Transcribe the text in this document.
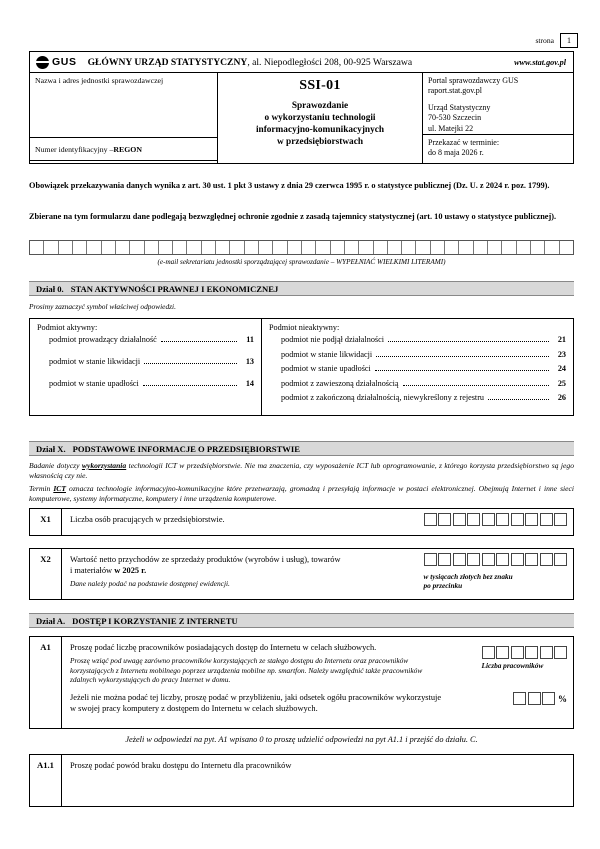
strona	1
GUS GŁÓWNY URZĄD STATYSTYCZNY, al. Niepodległości 208, 00-925 Warszawa	www.stat.gov.pl
Nazwa i adres jednostki sprawozdawczej
Numer identyfikacyjny – REGON
SSI-01
Sprawozdanie
o wykorzystaniu technologii
informacyjno-komunikacyjnych
w przedsiębiorstwach
Portal sprawozdawczy GUS
raport.stat.gov.pl
Urząd Statystyczny
70-530 Szczecin
ul. Matejki 22
Przekazać w terminie:
do 8 maja 2026 r.
Obowiązek przekazywania danych wynika z art. 30 ust. 1 pkt 3 ustawy z dnia 29 czerwca 1995 r. o statystyce publicznej (Dz. U. z 2024 r. poz. 1799).
Zbierane na tym formularzu dane podlegają bezwzględnej ochronie zgodnie z zasadą tajemnicy statystycznej (art. 10 ustawy o statystyce publicznej).
(e-mail sekretariatu jednostki sporządzającej sprawozdanie – WYPEŁNIAĆ WIELKIMI LITERAMI)
Dział 0. STAN AKTYWNOŚCI PRAWNEJ I EKONOMICZNEJ
Prosimy zaznaczyć symbol właściwej odpowiedzi.
Podmiot aktywny:
podmiot prowadzący działalność	11
podmiot w stanie likwidacji	13
podmiot w stanie upadłości	14
Podmiot nieaktywny:
podmiot nie podjął działalności	21
podmiot w stanie likwidacji	23
podmiot w stanie upadłości	24
podmiot z zawieszoną działalnością	25
podmiot z zakończoną działalnością, niewykreślony z rejestru	26
Dział X. PODSTAWOWE INFORMACJE O PRZEDSIĘBIORSTWIE
Badanie dotyczy wykorzystania technologii ICT w przedsiębiorstwie. Nie ma znaczenia, czy wyposażenie ICT lub oprogramowanie, z którego korzysta przedsiębiorstwo są jego własnością czy nie.
Termin ICT oznacza technologie informacyjno-komunikacyjne które przetwarzają, gromadzą i przesyłają informacje w postaci elektronicznej. Obejmują Internet i inne sieci komputerowe, systemy informatyczne, komputery i inne urządzenia komputerowe.
X1	Liczba osób pracujących w przedsiębiorstwie.
X2	Wartość netto przychodów ze sprzedaży produktów (wyrobów i usług), towarów
i materiałów w 2025 r.
Dane należy podać na podstawie dostępnej ewidencji.
w tysiącach złotych bez znaku
po przecinku
Dział A. DOSTĘP I KORZYSTANIE Z INTERNETU
A1	Proszę podać liczbę pracowników posiadających dostęp do Internetu w celach służbowych.
Proszę wziąć pod uwagę zarówno pracowników korzystających ze stałego dostępu do Internetu oraz pracowników korzystających z Internetu mobilnego poprzez urządzenia mobilne np. smartfon. Należy uwzględnić także pracowników zdalnych wykorzystujących do pracy Internet w domu.
Jeżeli nie można podać tej liczby, proszę podać w przybliżeniu, jaki odsetek ogółu pracowników wykorzystuje w swojej pracy komputery z dostępem do Internetu w celach służbowych.
Liczba pracowników
%
Jeżeli w odpowiedzi na pyt. A1 wpisano 0 to proszę udzielić odpowiedzi na pyt A1.1 i przejść do działu. C.
A1.1	Proszę podać powód braku dostępu do Internetu dla pracowników
